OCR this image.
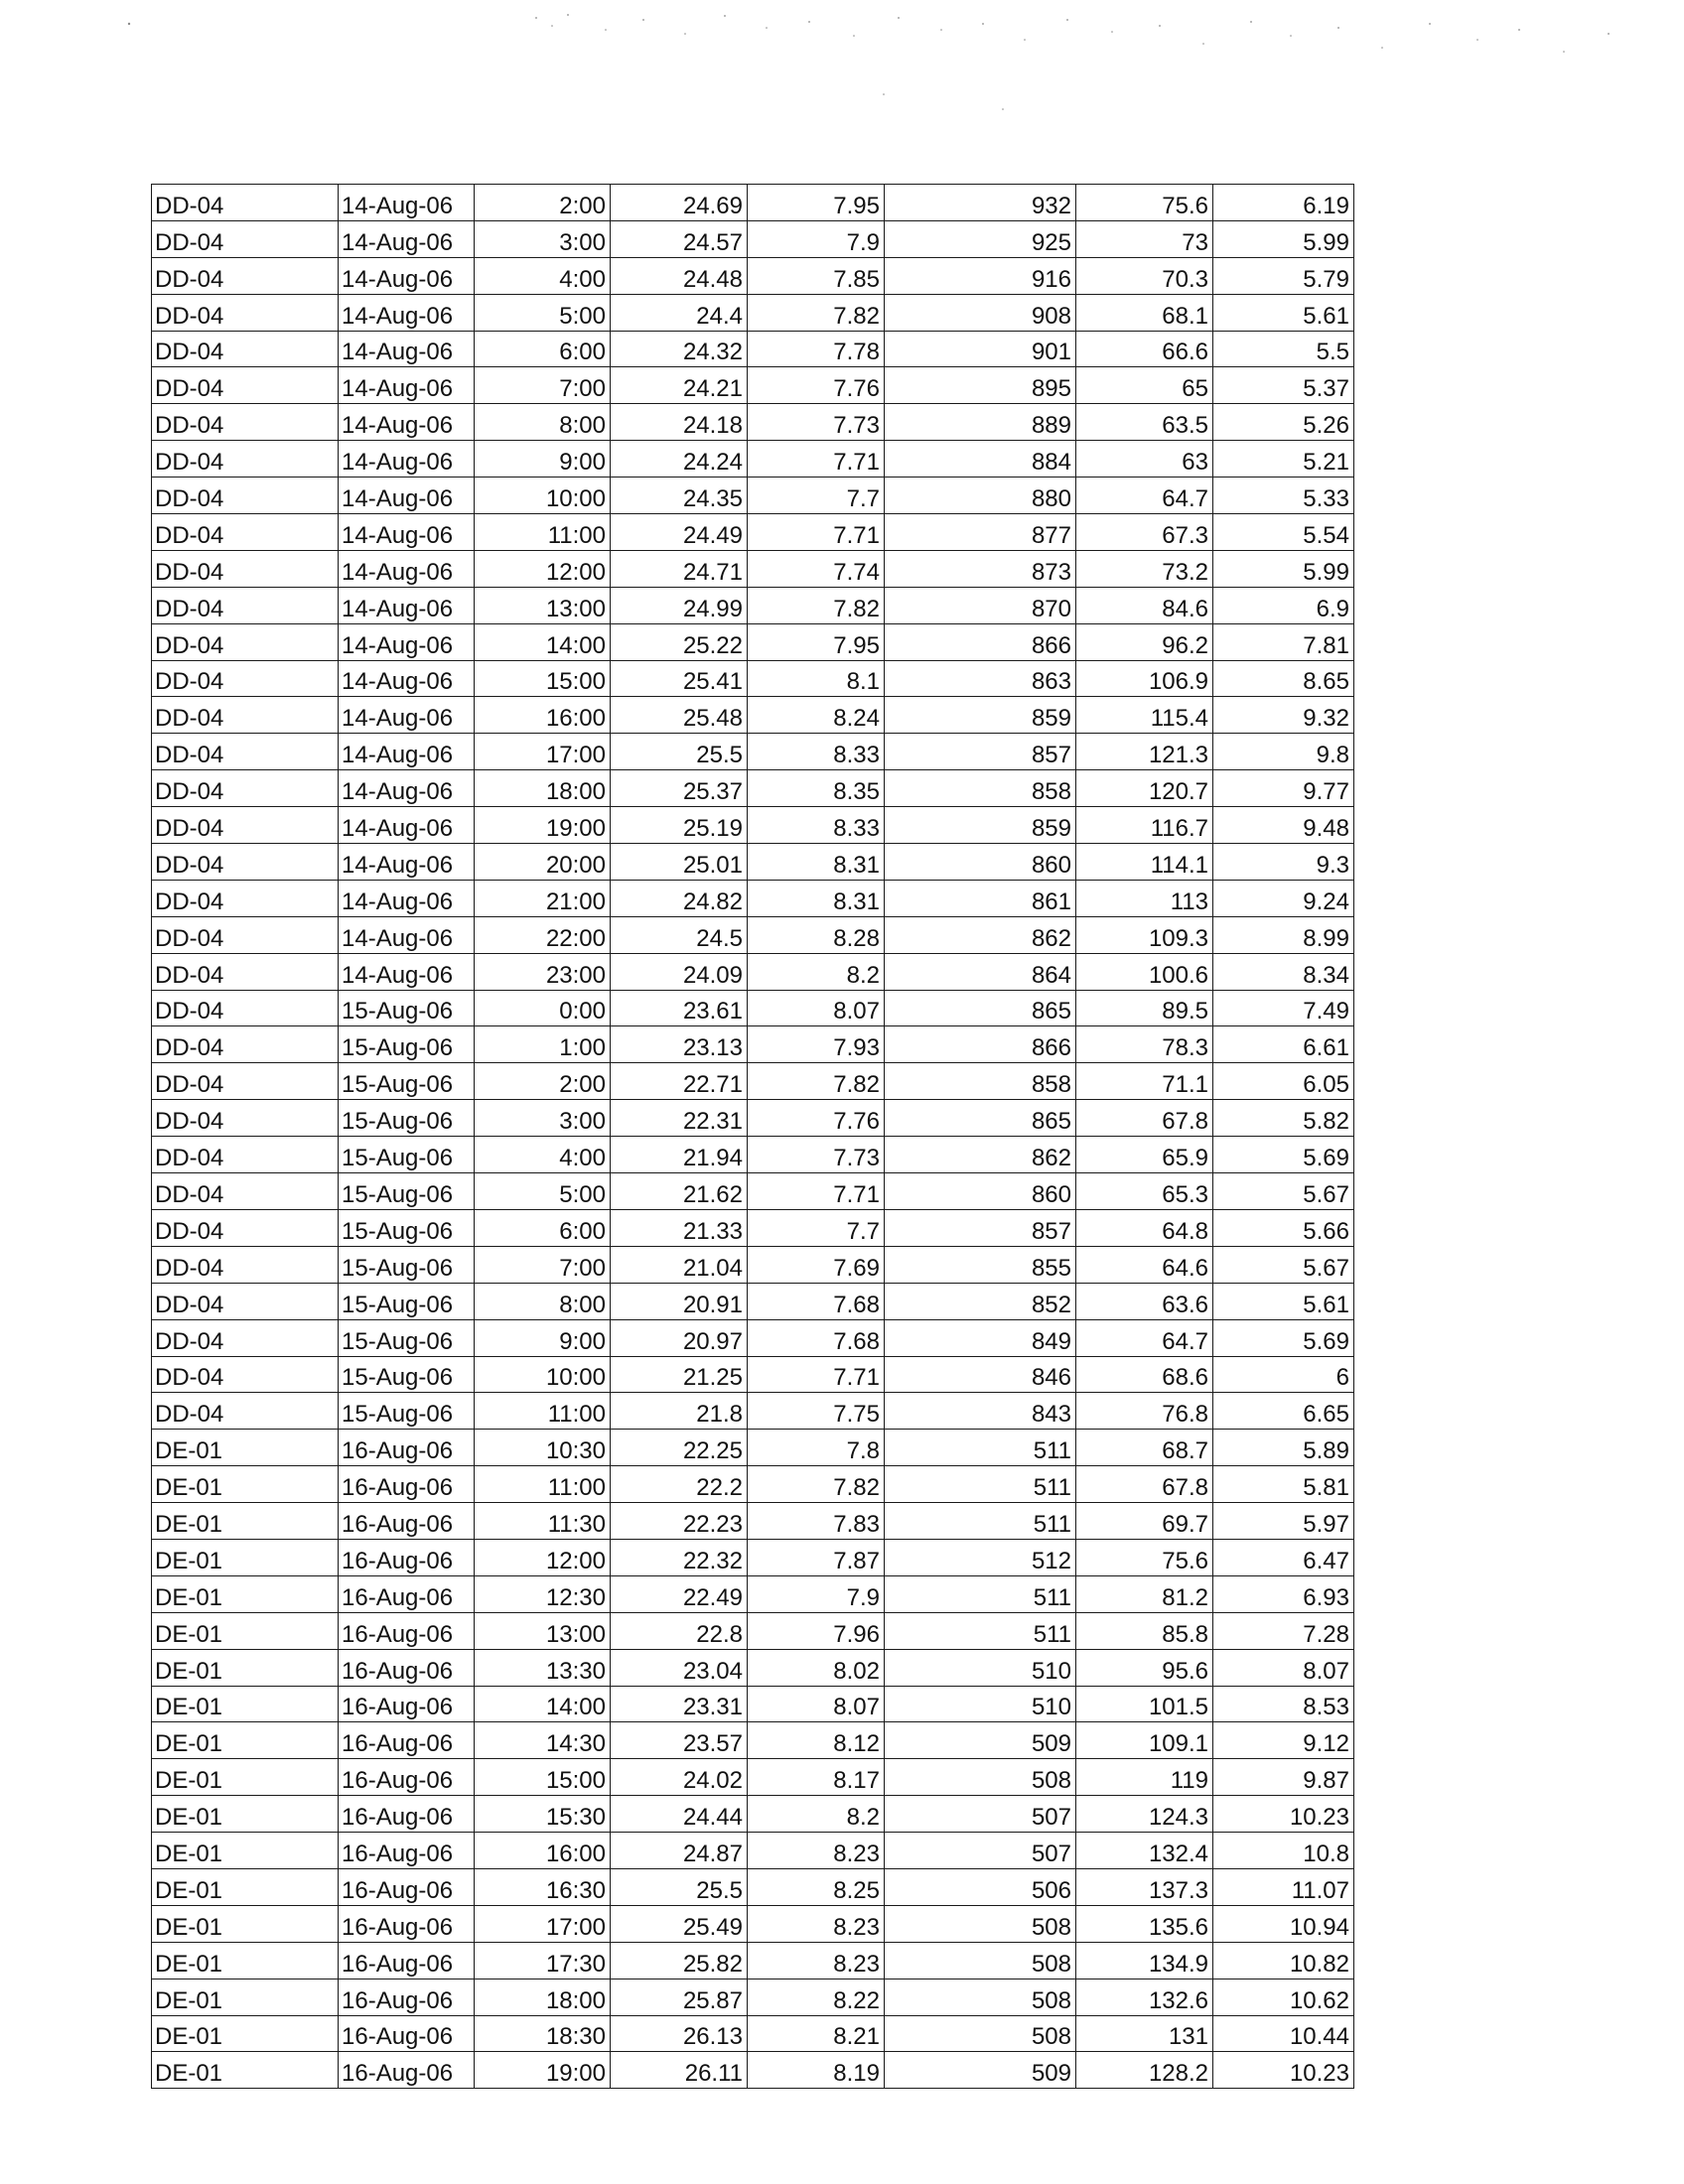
DD-04	14-Aug-06	2:00	24.69	7.95	932	75.6	6.19
DD-04	14-Aug-06	3:00	24.57	7.9	925	73	5.99
DD-04	14-Aug-06	4:00	24.48	7.85	916	70.3	5.79
DD-04	14-Aug-06	5:00	24.4	7.82	908	68.1	5.61
DD-04	14-Aug-06	6:00	24.32	7.78	901	66.6	5.5
DD-04	14-Aug-06	7:00	24.21	7.76	895	65	5.37
DD-04	14-Aug-06	8:00	24.18	7.73	889	63.5	5.26
DD-04	14-Aug-06	9:00	24.24	7.71	884	63	5.21
DD-04	14-Aug-06	10:00	24.35	7.7	880	64.7	5.33
DD-04	14-Aug-06	11:00	24.49	7.71	877	67.3	5.54
DD-04	14-Aug-06	12:00	24.71	7.74	873	73.2	5.99
DD-04	14-Aug-06	13:00	24.99	7.82	870	84.6	6.9
DD-04	14-Aug-06	14:00	25.22	7.95	866	96.2	7.81
DD-04	14-Aug-06	15:00	25.41	8.1	863	106.9	8.65
DD-04	14-Aug-06	16:00	25.48	8.24	859	115.4	9.32
DD-04	14-Aug-06	17:00	25.5	8.33	857	121.3	9.8
DD-04	14-Aug-06	18:00	25.37	8.35	858	120.7	9.77
DD-04	14-Aug-06	19:00	25.19	8.33	859	116.7	9.48
DD-04	14-Aug-06	20:00	25.01	8.31	860	114.1	9.3
DD-04	14-Aug-06	21:00	24.82	8.31	861	113	9.24
DD-04	14-Aug-06	22:00	24.5	8.28	862	109.3	8.99
DD-04	14-Aug-06	23:00	24.09	8.2	864	100.6	8.34
DD-04	15-Aug-06	0:00	23.61	8.07	865	89.5	7.49
DD-04	15-Aug-06	1:00	23.13	7.93	866	78.3	6.61
DD-04	15-Aug-06	2:00	22.71	7.82	858	71.1	6.05
DD-04	15-Aug-06	3:00	22.31	7.76	865	67.8	5.82
DD-04	15-Aug-06	4:00	21.94	7.73	862	65.9	5.69
DD-04	15-Aug-06	5:00	21.62	7.71	860	65.3	5.67
DD-04	15-Aug-06	6:00	21.33	7.7	857	64.8	5.66
DD-04	15-Aug-06	7:00	21.04	7.69	855	64.6	5.67
DD-04	15-Aug-06	8:00	20.91	7.68	852	63.6	5.61
DD-04	15-Aug-06	9:00	20.97	7.68	849	64.7	5.69
DD-04	15-Aug-06	10:00	21.25	7.71	846	68.6	6
DD-04	15-Aug-06	11:00	21.8	7.75	843	76.8	6.65
DE-01	16-Aug-06	10:30	22.25	7.8	511	68.7	5.89
DE-01	16-Aug-06	11:00	22.2	7.82	511	67.8	5.81
DE-01	16-Aug-06	11:30	22.23	7.83	511	69.7	5.97
DE-01	16-Aug-06	12:00	22.32	7.87	512	75.6	6.47
DE-01	16-Aug-06	12:30	22.49	7.9	511	81.2	6.93
DE-01	16-Aug-06	13:00	22.8	7.96	511	85.8	7.28
DE-01	16-Aug-06	13:30	23.04	8.02	510	95.6	8.07
DE-01	16-Aug-06	14:00	23.31	8.07	510	101.5	8.53
DE-01	16-Aug-06	14:30	23.57	8.12	509	109.1	9.12
DE-01	16-Aug-06	15:00	24.02	8.17	508	119	9.87
DE-01	16-Aug-06	15:30	24.44	8.2	507	124.3	10.23
DE-01	16-Aug-06	16:00	24.87	8.23	507	132.4	10.8
DE-01	16-Aug-06	16:30	25.5	8.25	506	137.3	11.07
DE-01	16-Aug-06	17:00	25.49	8.23	508	135.6	10.94
DE-01	16-Aug-06	17:30	25.82	8.23	508	134.9	10.82
DE-01	16-Aug-06	18:00	25.87	8.22	508	132.6	10.62
DE-01	16-Aug-06	18:30	26.13	8.21	508	131	10.44
DE-01	16-Aug-06	19:00	26.11	8.19	509	128.2	10.23
